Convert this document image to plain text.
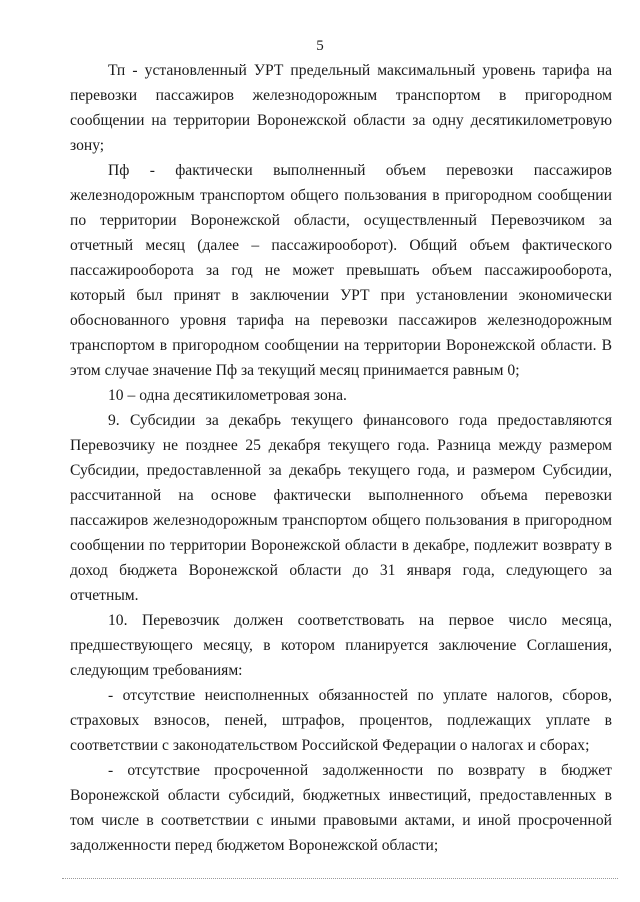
5

Тп - установленный УРТ предельный максимальный уровень тарифа на перевозки пассажиров железнодорожным транспортом в пригородном сообщении на территории Воронежской области за одну десятикилометровую зону;

Пф - фактически выполненный объем перевозки пассажиров железнодорожным транспортом общего пользования в пригородном сообщении по территории Воронежской области, осуществленный Перевозчиком за отчетный месяц (далее – пассажирооборот). Общий объем фактического пассажирооборота за год не может превышать объем пассажирооборота, который был принят в заключении УРТ при установлении экономически обоснованного уровня тарифа на перевозки пассажиров железнодорожным транспортом в пригородном сообщении на территории Воронежской области. В этом случае значение Пф за текущий месяц принимается равным 0;

10 – одна десятикилометровая зона.

9. Субсидии за декабрь текущего финансового года предоставляются Перевозчику не позднее 25 декабря текущего года. Разница между размером Субсидии, предоставленной за декабрь текущего года, и размером Субсидии, рассчитанной на основе фактически выполненного объема перевозки пассажиров железнодорожным транспортом общего пользования в пригородном сообщении по территории Воронежской области в декабре, подлежит возврату в доход бюджета Воронежской области до 31 января года, следующего за отчетным.

10. Перевозчик должен соответствовать на первое число месяца, предшествующего месяцу, в котором планируется заключение Соглашения, следующим требованиям:

- отсутствие неисполненных обязанностей по уплате налогов, сборов, страховых взносов, пеней, штрафов, процентов, подлежащих уплате в соответствии с законодательством Российской Федерации о налогах и сборах;

- отсутствие просроченной задолженности по возврату в бюджет Воронежской области субсидий, бюджетных инвестиций, предоставленных в том числе в соответствии с иными правовыми актами, и иной просроченной задолженности перед бюджетом Воронежской области;
